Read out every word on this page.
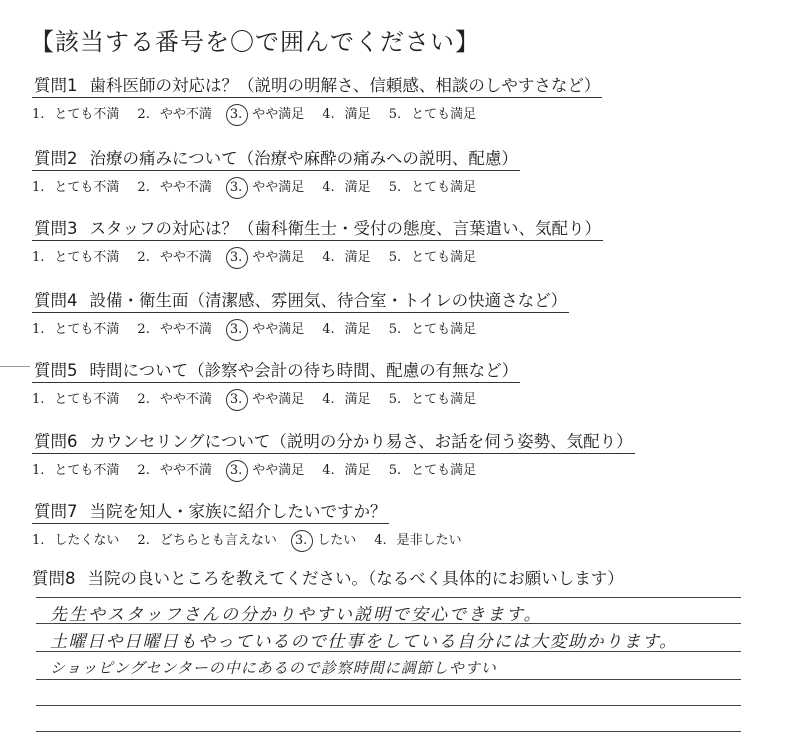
【該当する番号を〇で囲んでください】
質問1 歯科医師の対応は？（説明の明解さ、信頼感、相談のしやすさなど）
1. とても不満 2. やや不満 3. やや満足 4. 満足 5. とても満足
質問2 治療の痛みについて（治療や麻酔の痛みへの説明、配慮）
1. とても不満 2. やや不満 3. やや満足 4. 満足 5. とても満足
質問3 スタッフの対応は？（歯科衛生士・受付の態度、言葉遣い、気配り）
1. とても不満 2. やや不満 3. やや満足 4. 満足 5. とても満足
質問4 設備・衛生面（清潔感、雰囲気、待合室・トイレの快適さなど）
1. とても不満 2. やや不満 3. やや満足 4. 満足 5. とても満足
質問5 時間について（診察や会計の待ち時間、配慮の有無など）
1. とても不満 2. やや不満 3. やや満足 4. 満足 5. とても満足
質問6 カウンセリングについて（説明の分かり易さ、お話を伺う姿勢、気配り）
1. とても不満 2. やや不満 3. やや満足 4. 満足 5. とても満足
質問7 当院を知人・家族に紹介したいですか？
1. したくない 2. どちらとも言えない 3. したい 4. 是非したい
質問8 当院の良いところを教えてください。（なるべく具体的にお願いします）
先生やスタッフさんの分かりやすい説明で安心できます。
土曜日や日曜日もやっているので仕事をしている自分には大変助かります。
ショッピングセンターの中にあるので診察時間に調節しやすい
